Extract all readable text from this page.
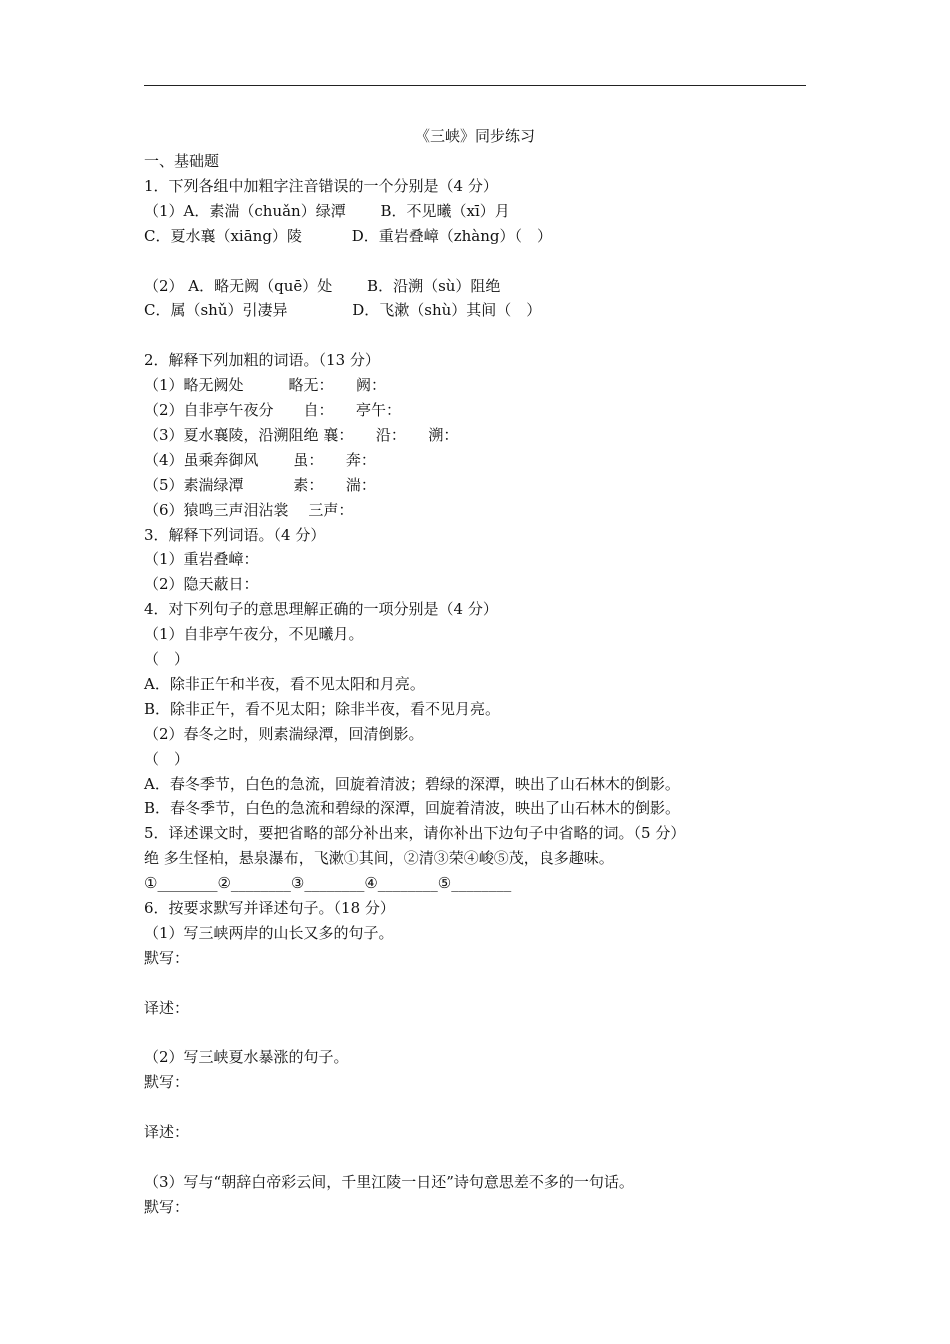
《三峡》同步练习
一、基础题
1．下列各组中加粗字注音错误的一个分别是（4 分）
（1）A．素湍（chuǎn）绿潭　　 B．不见曦（xī）月
C．夏水襄（xiāng）陵　　　 D．重岩叠嶂（zhàng）（　）
（2） A．略无阙（quē）处　　 B．沿溯（sù）阻绝
C．属（shǔ）引凄异　　　　 D．飞漱（shù）其间（　）
2．解释下列加粗的词语。（13 分）
（1）略无阙处　　　略无：　　阙：
（2）自非亭午夜分　　自：　　亭午：
（3）夏水襄陵，沿溯阻绝 襄：　　沿：　　溯：
（4）虽乘奔御风　　 虽：　　奔：
（5）素湍绿潭　　　 素：　　湍：
（6）猿鸣三声泪沾裳　 三声：
3．解释下列词语。（4 分）
（1）重岩叠嶂：
（2）隐天蔽日：
4．对下列句子的意思理解正确的一项分别是（4 分）
（1）自非亭午夜分，不见曦月。
（　）
A．除非正午和半夜，看不见太阳和月亮。
B．除非正午，看不见太阳；除非半夜，看不见月亮。
（2）春冬之时，则素湍绿潭，回清倒影。
（　）
A．春冬季节，白色的急流，回旋着清波；碧绿的深潭，映出了山石林木的倒影。
B．春冬季节，白色的急流和碧绿的深潭，回旋着清波，映出了山石林木的倒影。
5．译述课文时，要把省略的部分补出来，请你补出下边句子中省略的词。（5 分）
绝 多生怪柏，悬泉瀑布，飞漱①其间，②清③荣④峻⑤茂，良多趣味。
①________②________③________④________⑤________
6．按要求默写并译述句子。（18 分）
（1）写三峡两岸的山长又多的句子。
默写：
译述：
（2）写三峡夏水暴涨的句子。
默写：
译述：
（3）写与“朝辞白帝彩云间，千里江陵一日还”诗句意思差不多的一句话。
默写：
